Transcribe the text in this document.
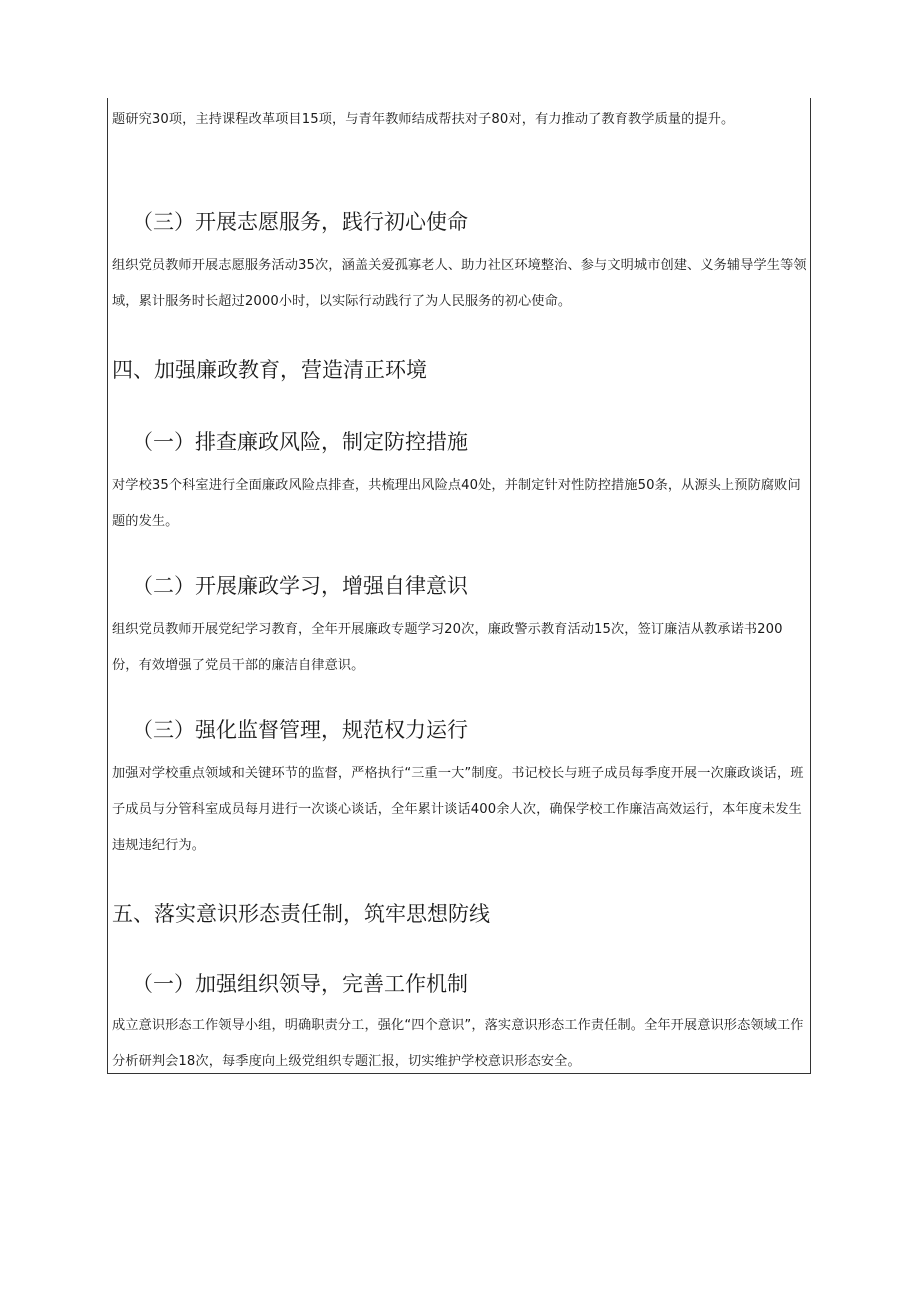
题研究30项，主持课程改革项目15项，与青年教师结成帮扶对子80对，有力推动了教育教学质量的提升。

（三）开展志愿服务，践行初心使命

组织党员教师开展志愿服务活动35次，涵盖关爱孤寡老人、助力社区环境整治、参与文明城市创建、义务辅导学生等领域，累计服务时长超过2000小时，以实际行动践行了为人民服务的初心使命。

四、加强廉政教育，营造清正环境
（一）排查廉政风险，制定防控措施

对学校35个科室进行全面廉政风险点排查，共梳理出风险点40处，并制定针对性防控措施50条，从源头上预防腐败问题的发生。

（二）开展廉政学习，增强自律意识

组织党员教师开展党纪学习教育，全年开展廉政专题学习20次，廉政警示教育活动15次，签订廉洁从教承诺书200份，有效增强了党员干部的廉洁自律意识。

（三）强化监督管理，规范权力运行

加强对学校重点领域和关键环节的监督，严格执行“三重一大”制度。书记校长与班子成员每季度开展一次廉政谈话，班子成员与分管科室成员每月进行一次谈心谈话，全年累计谈话400余人次，确保学校工作廉洁高效运行，本年度未发生违规违纪行为。

五、落实意识形态责任制，筑牢思想防线
（一）加强组织领导，完善工作机制

成立意识形态工作领导小组，明确职责分工，强化“四个意识”，落实意识形态工作责任制。全年开展意识形态领域工作分析研判会18次，每季度向上级党组织专题汇报，切实维护学校意识形态安全。
